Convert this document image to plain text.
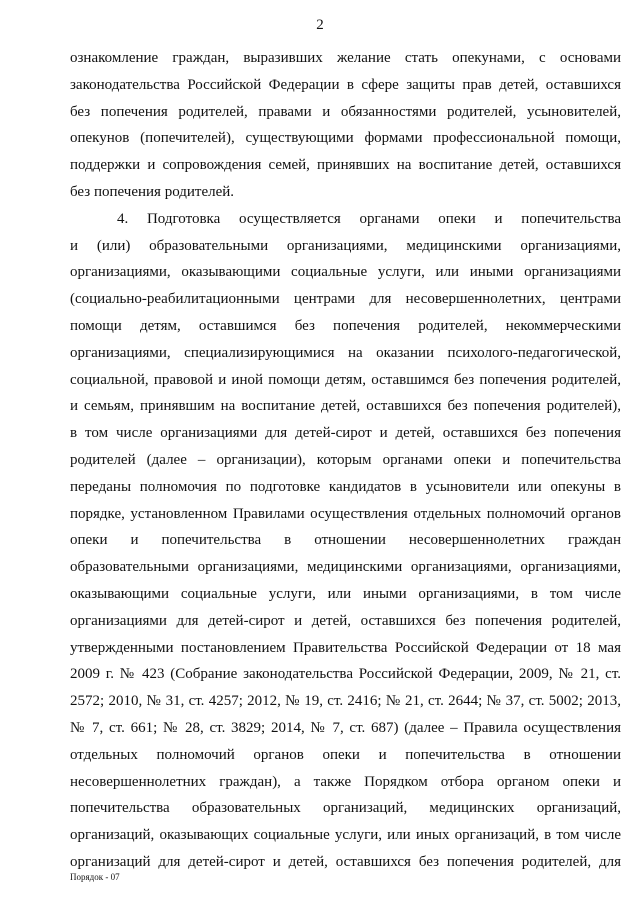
2
ознакомление граждан, выразивших желание стать опекунами, с основами
законодательства Российской Федерации в сфере защиты прав детей, оставшихся
без попечения родителей, правами и обязанностями родителей, усыновителей,
опекунов (попечителей), существующими формами профессиональной помощи,
поддержки и сопровождения семей, принявших на воспитание детей, оставшихся
без попечения родителей.
4. Подготовка осуществляется органами опеки и попечительства
и (или) образовательными организациями, медицинскими организациями,
организациями, оказывающими социальные услуги, или иными организациями
(социально-реабилитационными центрами для несовершеннолетних, центрами
помощи детям, оставшимся без попечения родителей, некоммерческими
организациями, специализирующимися на оказании психолого-педагогической,
социальной, правовой и иной помощи детям, оставшимся без попечения родителей,
и семьям, принявшим на воспитание детей, оставшихся без попечения родителей),
в том числе организациями для детей-сирот и детей, оставшихся без попечения
родителей (далее – организации), которым органами опеки и попечительства
переданы полномочия по подготовке кандидатов в усыновители или опекуны в
порядке, установленном Правилами осуществления отдельных полномочий органов
опеки и попечительства в отношении несовершеннолетних граждан
образовательными организациями, медицинскими организациями, организациями,
оказывающими социальные услуги, или иными организациями, в том числе
организациями для детей-сирот и детей, оставшихся без попечения родителей,
утвержденными постановлением Правительства Российской Федерации от 18 мая
2009 г. № 423 (Собрание законодательства Российской Федерации, 2009, № 21, ст.
2572; 2010, № 31, ст. 4257; 2012, № 19, ст. 2416; № 21, ст. 2644; № 37, ст. 5002; 2013,
№ 7, ст. 661; № 28, ст. 3829; 2014, № 7, ст. 687) (далее – Правила осуществления
отдельных полномочий органов опеки и попечительства в отношении
несовершеннолетних граждан), а также Порядком отбора органом опеки и
попечительства образовательных организаций, медицинских организаций,
организаций, оказывающих социальные услуги, или иных организаций, в том числе
организаций для детей-сирот и детей, оставшихся без попечения родителей, для
Порядок - 07
